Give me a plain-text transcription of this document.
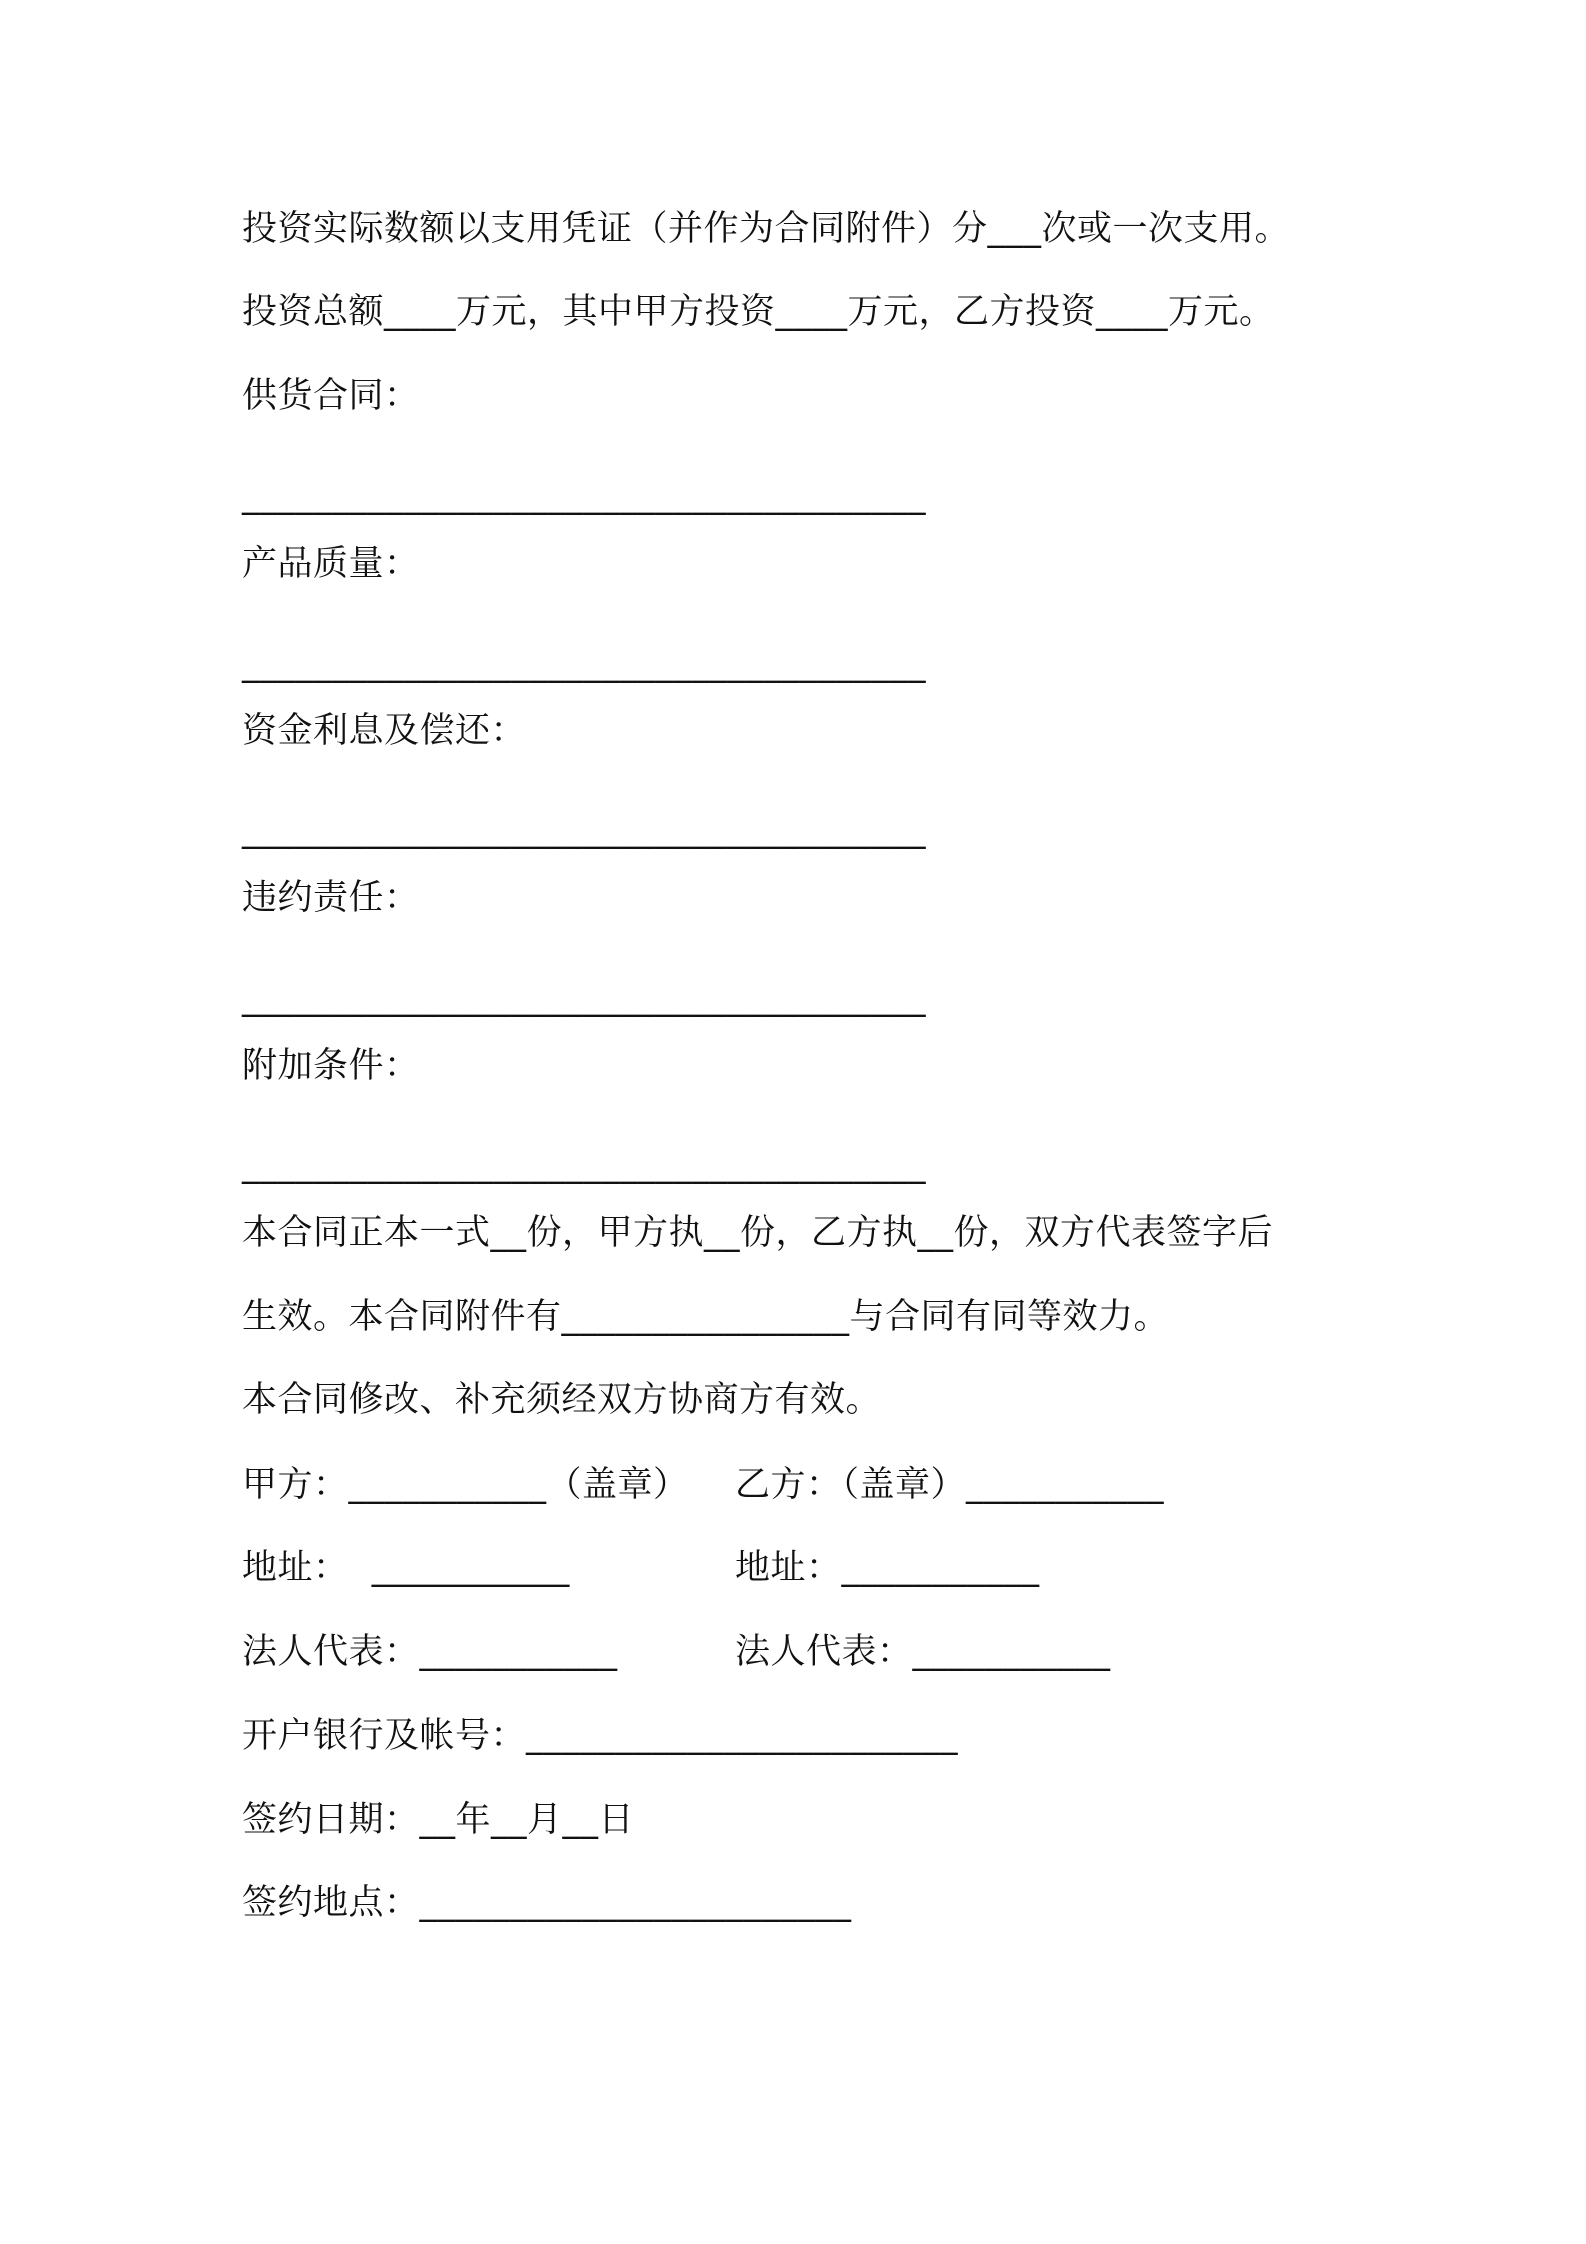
投资实际数额以支用凭证（并作为合同附件）分___次或一次支用。
投资总额____万元，其中甲方投资____万元，乙方投资____万元。
供货合同：
______________________________________
产品质量：
______________________________________
资金利息及偿还：
______________________________________
违约责任：
______________________________________
附加条件：
______________________________________
本合同正本一式__份，甲方执__份，乙方执__份，双方代表签字后
生效。本合同附件有________________与合同有同等效力。
本合同修改、补充须经双方协商方有效。
甲方：___________（盖章） 乙方：（盖章）___________
地址：  ___________	地址：___________
法人代表：___________	法人代表：___________
开户银行及帐号：________________________
签约日期：__年__月__日
签约地点：________________________
